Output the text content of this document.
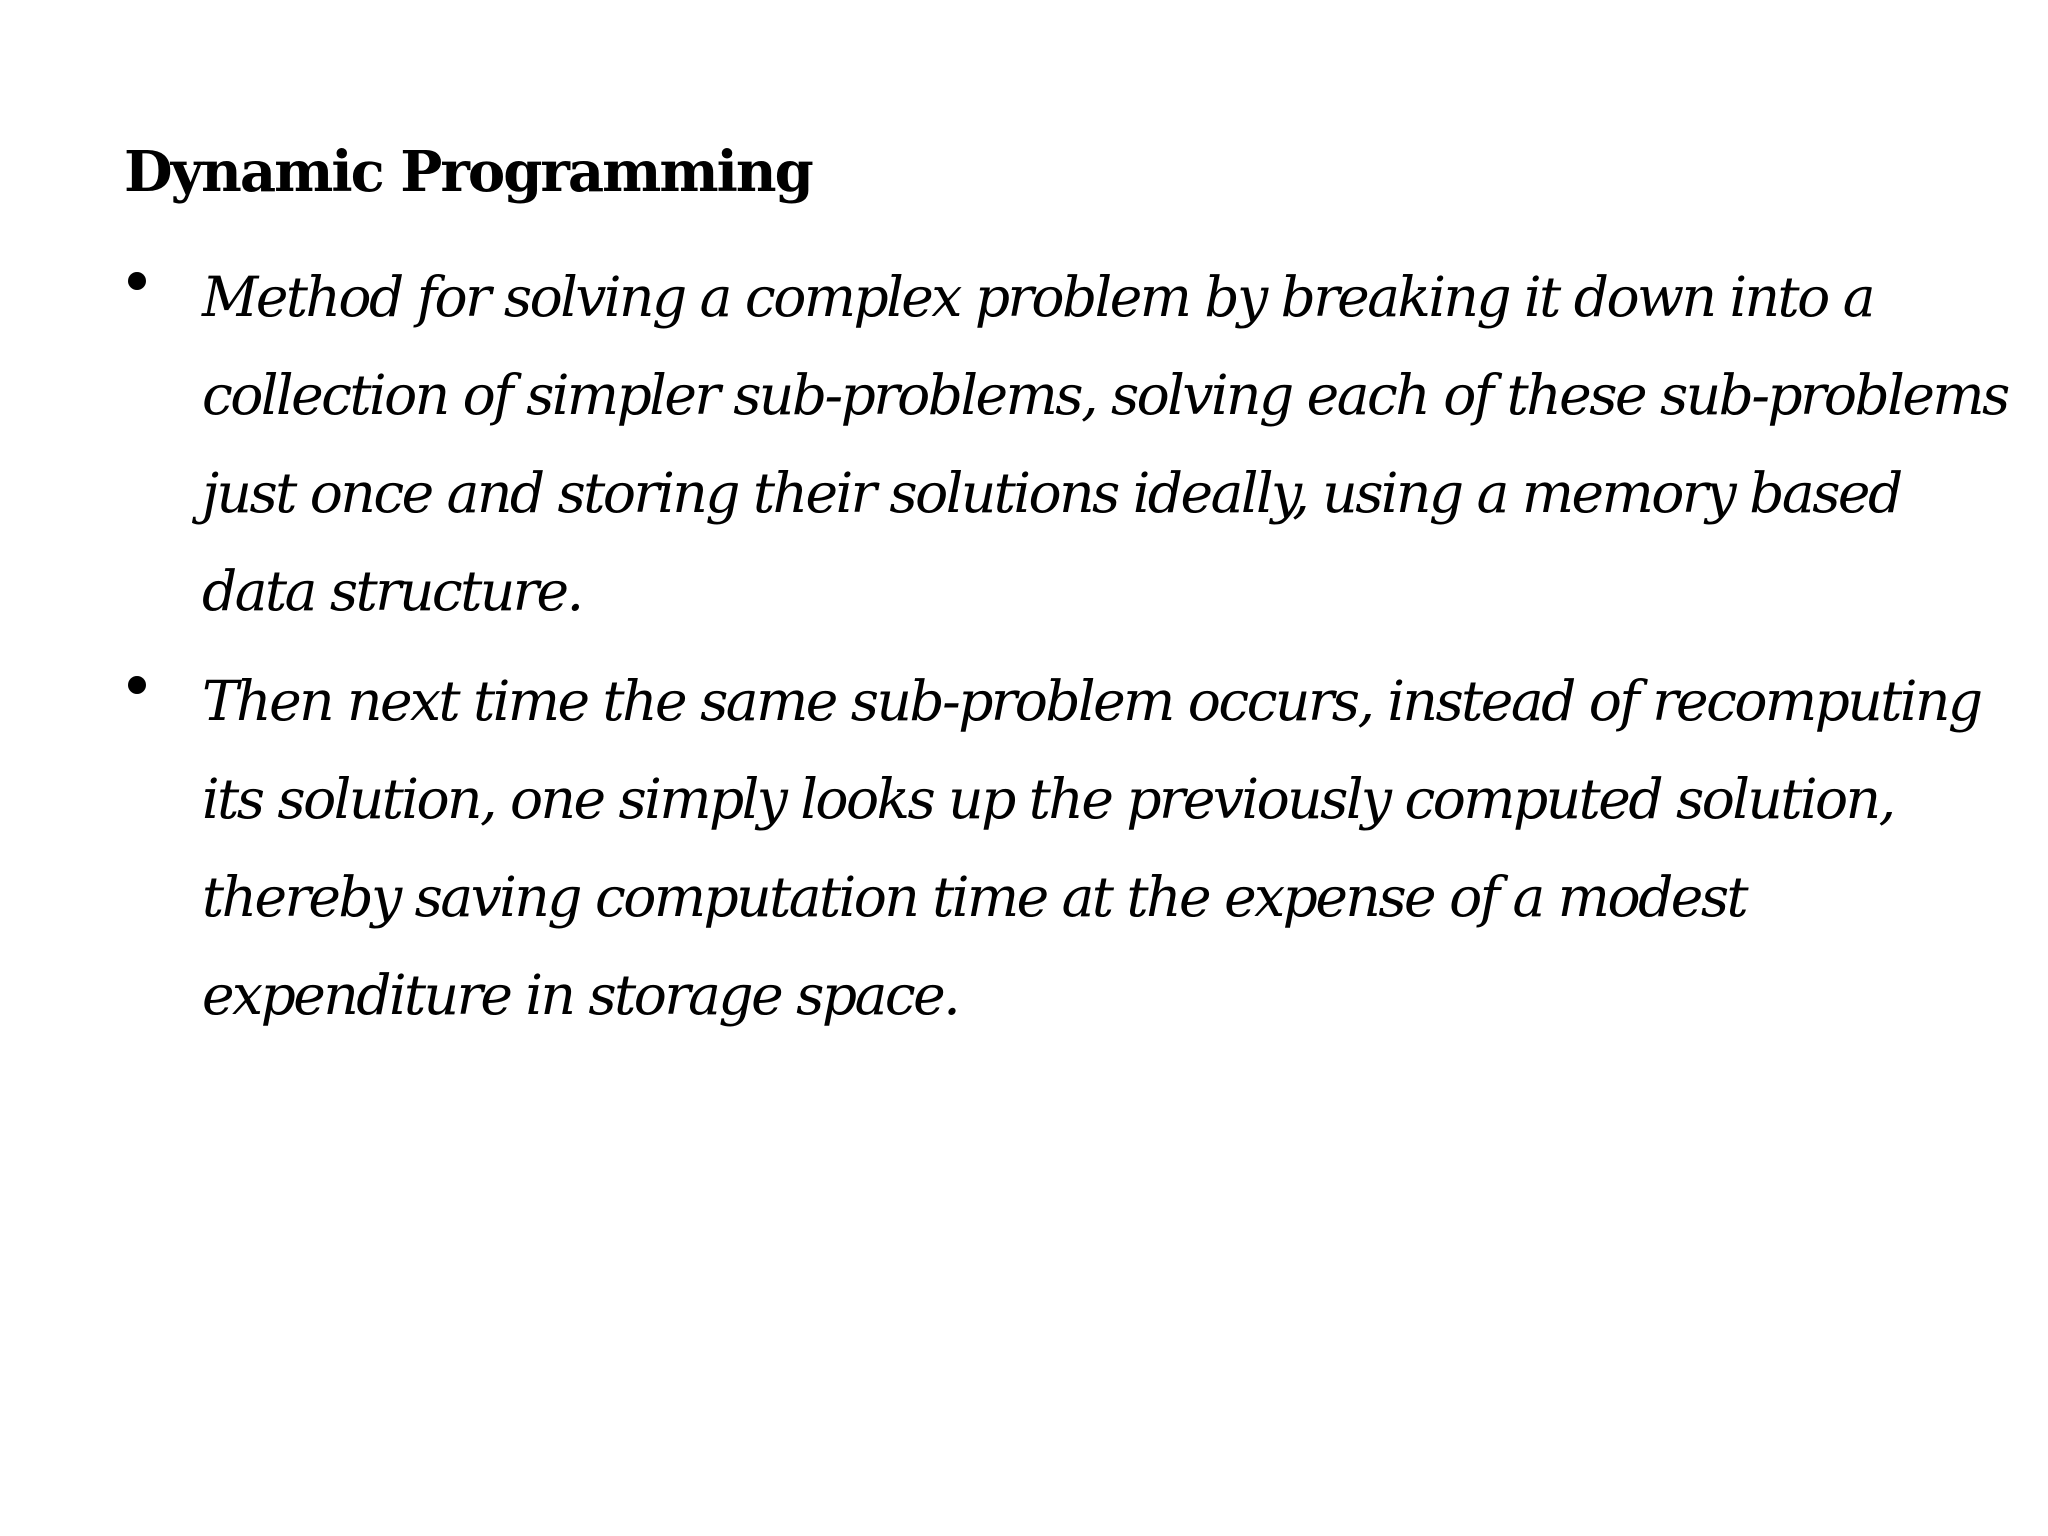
Dynamic Programming
Method for solving a complex problem by breaking it down into a
collection of simpler sub-problems, solving each of these sub-problems
just once and storing their solutions ideally, using a memory based
data structure.
Then next time the same sub-problem occurs, instead of recomputing
its solution, one simply looks up the previously computed solution,
thereby saving computation time at the expense of a modest
expenditure in storage space.
